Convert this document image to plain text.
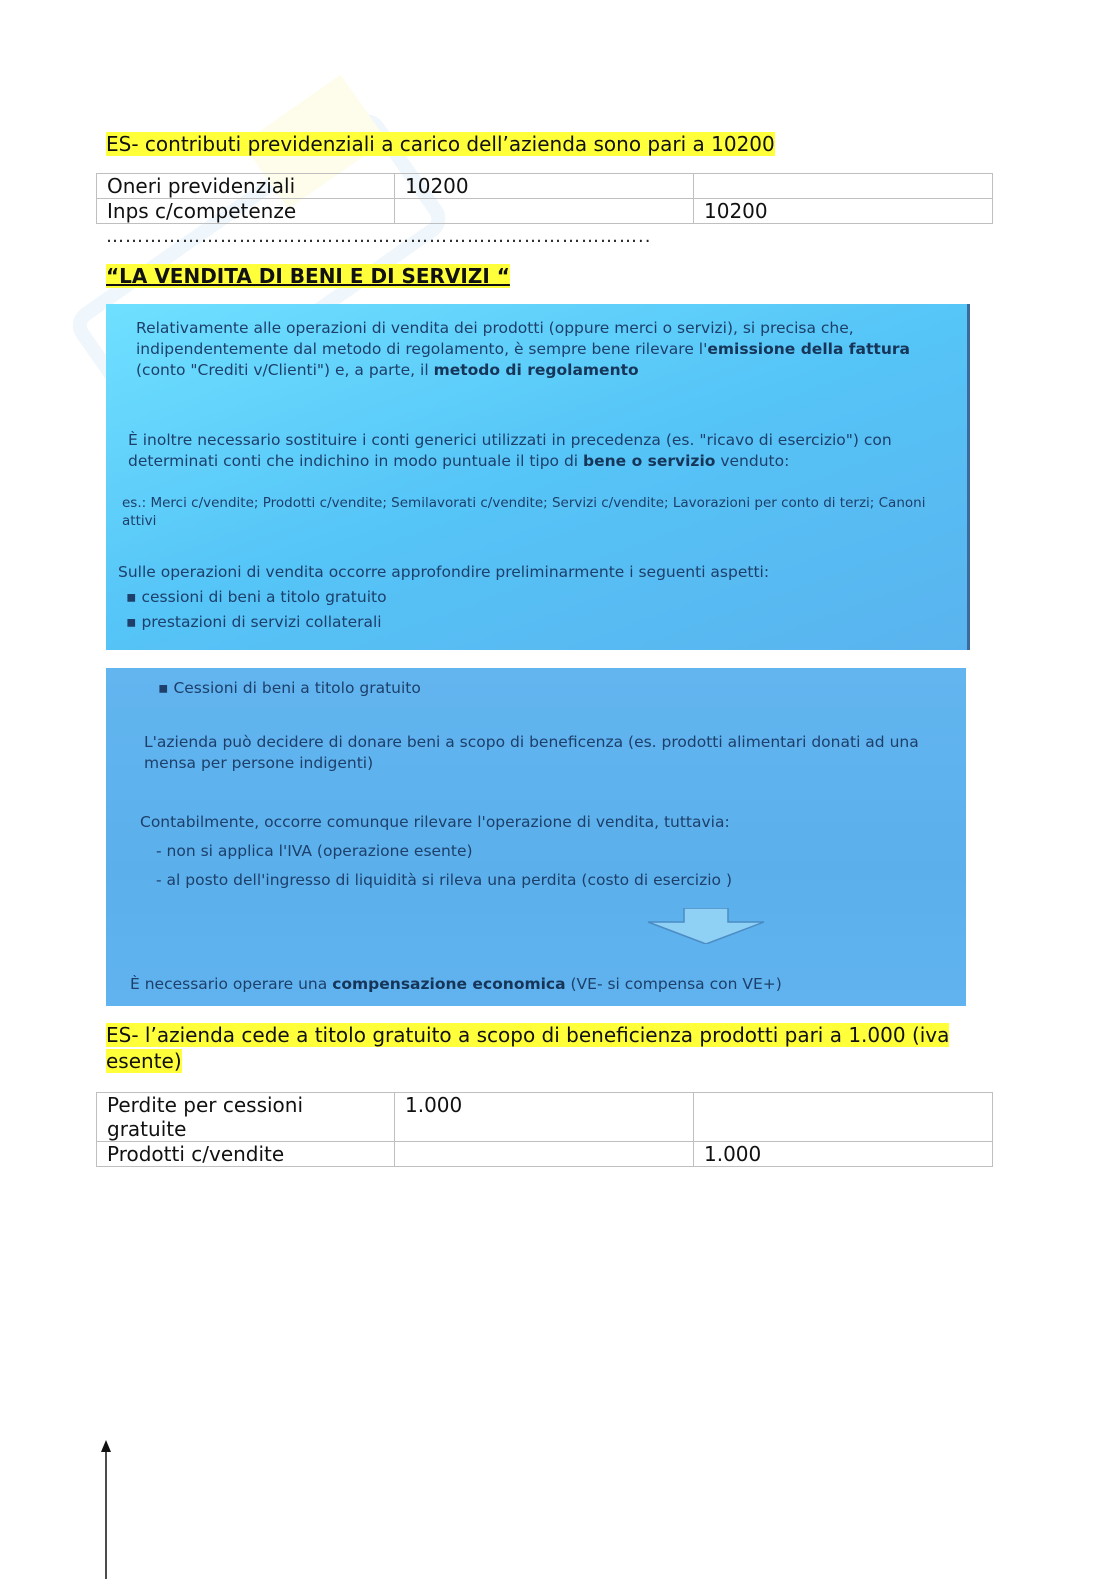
ES- contributi previdenziali a carico dell’azienda sono pari a 10200
Oneri previdenziali	10200	
Inps c/competenze		10200
…………………………………………………………………………..
“LA VENDITA DI BENI E DI SERVIZI “

Relativamente alle operazioni di vendita dei prodotti (oppure merci o servizi), si precisa che, indipendentemente dal metodo di regolamento, è sempre bene rilevare l'emissione della fattura (conto "Crediti v/Clienti") e, a parte, il metodo di regolamento

È inoltre necessario sostituire i conti generici utilizzati in precedenza (es. "ricavo di esercizio") con determinati conti che indichino in modo puntuale il tipo di bene o servizio venduto:

es.: Merci c/vendite; Prodotti c/vendite; Semilavorati c/vendite; Servizi c/vendite; Lavorazioni per conto di terzi; Canoni attivi

Sulle operazioni di vendita occorre approfondire preliminarmente i seguenti aspetti:

▪ cessioni di beni a titolo gratuito

▪ prestazioni di servizi collaterali

▪ Cessioni di beni a titolo gratuito

L'azienda può decidere di donare beni a scopo di beneficenza (es. prodotti alimentari donati ad una mensa per persone indigenti)

Contabilmente, occorre comunque rilevare l'operazione di vendita, tuttavia:

- non si applica l'IVA (operazione esente)

- al posto dell'ingresso di liquidità si rileva una perdita (costo di esercizio )

È necessario operare una compensazione economica (VE- si compensa con VE+)

ES- l’azienda cede a titolo gratuito a scopo di beneficienza prodotti pari a 1.000 (iva esente)
Perdite per cessioni gratuite	1.000	
Prodotti c/vendite		1.000
